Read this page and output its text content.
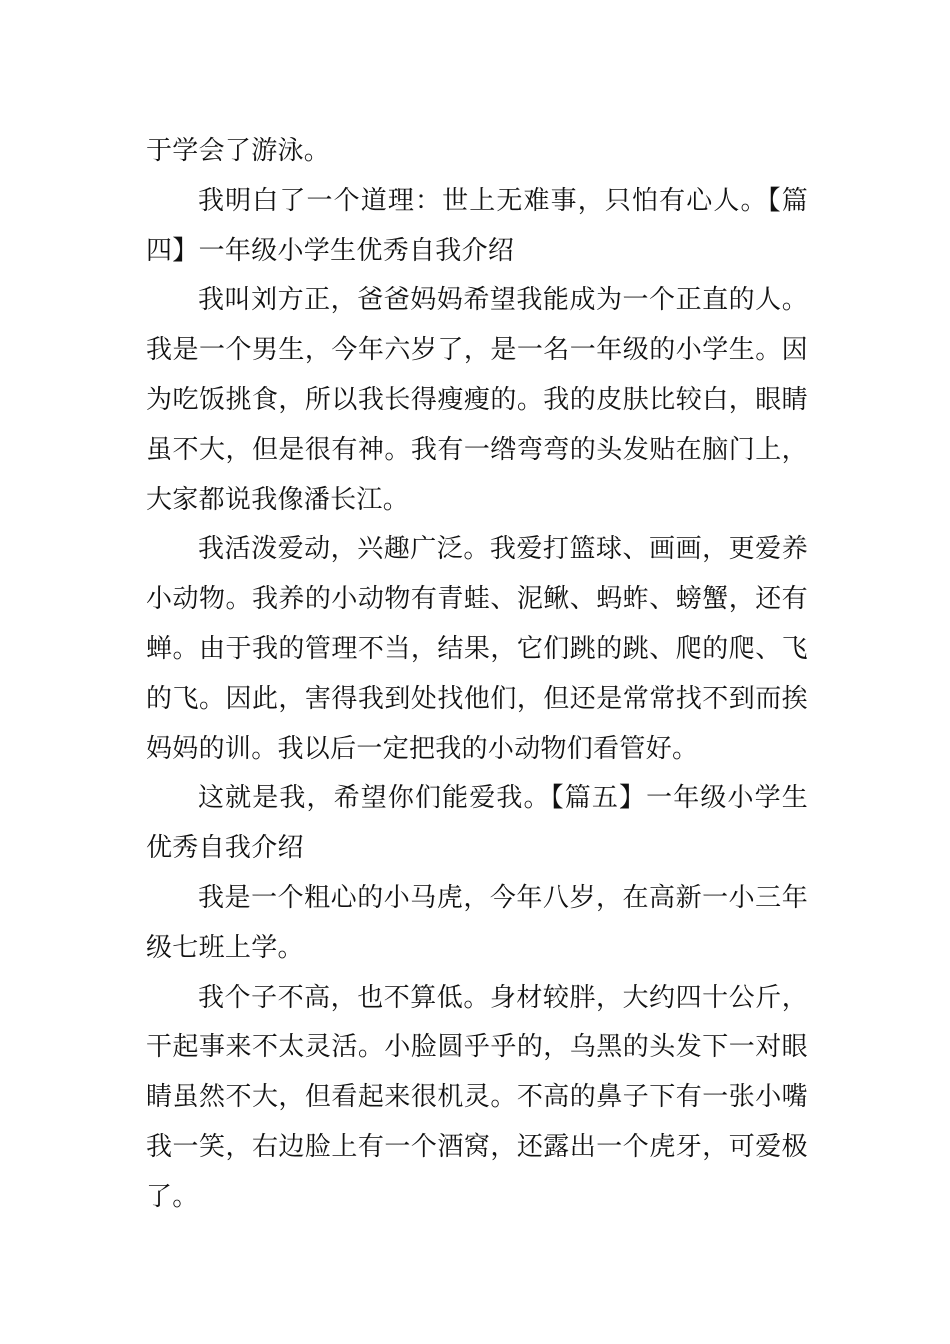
于学会了游泳。

我明白了一个道理：世上无难事，只怕有心人。【篇四】一年级小学生优秀自我介绍

我叫刘方正，爸爸妈妈希望我能成为一个正直的人。我是一个男生，今年六岁了，是一名一年级的小学生。因为吃饭挑食，所以我长得瘦瘦的。我的皮肤比较白，眼睛虽不大，但是很有神。我有一绺弯弯的头发贴在脑门上，大家都说我像潘长江。

我活泼爱动，兴趣广泛。我爱打篮球、画画，更爱养小动物。我养的小动物有青蛙、泥鳅、蚂蚱、螃蟹，还有蝉。由于我的管理不当，结果，它们跳的跳、爬的爬、飞的飞。因此，害得我到处找他们，但还是常常找不到而挨妈妈的训。我以后一定把我的小动物们看管好。

这就是我，希望你们能爱我。【篇五】一年级小学生优秀自我介绍

我是一个粗心的小马虎，今年八岁，在高新一小三年级七班上学。

我个子不高，也不算低。身材较胖，大约四十公斤，干起事来不太灵活。小脸圆乎乎的，乌黑的头发下一对眼睛虽然不大，但看起来很机灵。不高的鼻子下有一张小嘴我一笑，右边脸上有一个酒窝，还露出一个虎牙，可爱极了。
